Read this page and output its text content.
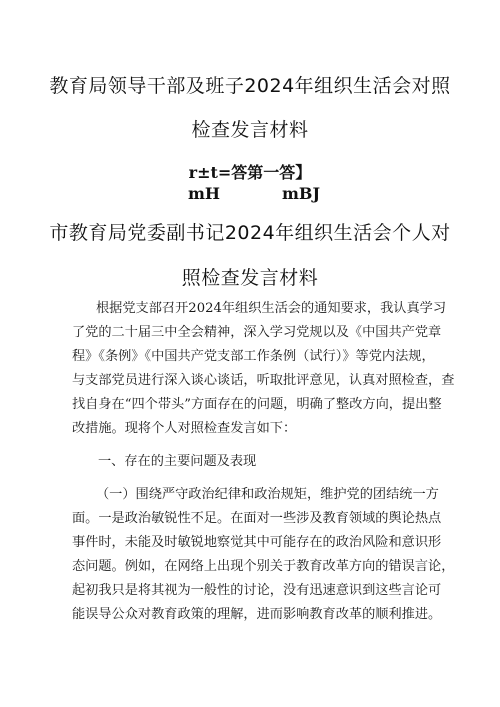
教育局领导干部及班子2024年组织生活会对照
检查发言材料
r±t=答第一答】
mH	mBJ
市教育局党委副书记2024年组织生活会个人对
照检查发言材料
根据党支部召开2024年组织生活会的通知要求，我认真学习
了党的二十届三中全会精神，深入学习党规以及《中国共产党章
程》《条例》《中国共产党支部工作条例（试行）》等党内法规，
与支部党员进行深入谈心谈话，听取批评意见，认真对照检查，查
找自身在“四个带头”方面存在的问题，明确了整改方向，提出整
改措施。现将个人对照检查发言如下：
一、存在的主要问题及表现
（一）围绕严守政治纪律和政治规矩，维护党的团结统一方
面。一是政治敏锐性不足。在面对一些涉及教育领域的舆论热点
事件时，未能及时敏锐地察觉其中可能存在的政治风险和意识形
态问题。例如，在网络上出现个别关于教育改革方向的错误言论，
起初我只是将其视为一般性的讨论，没有迅速意识到这些言论可
能误导公众对教育政策的理解，进而影响教育改革的顺利推进。
